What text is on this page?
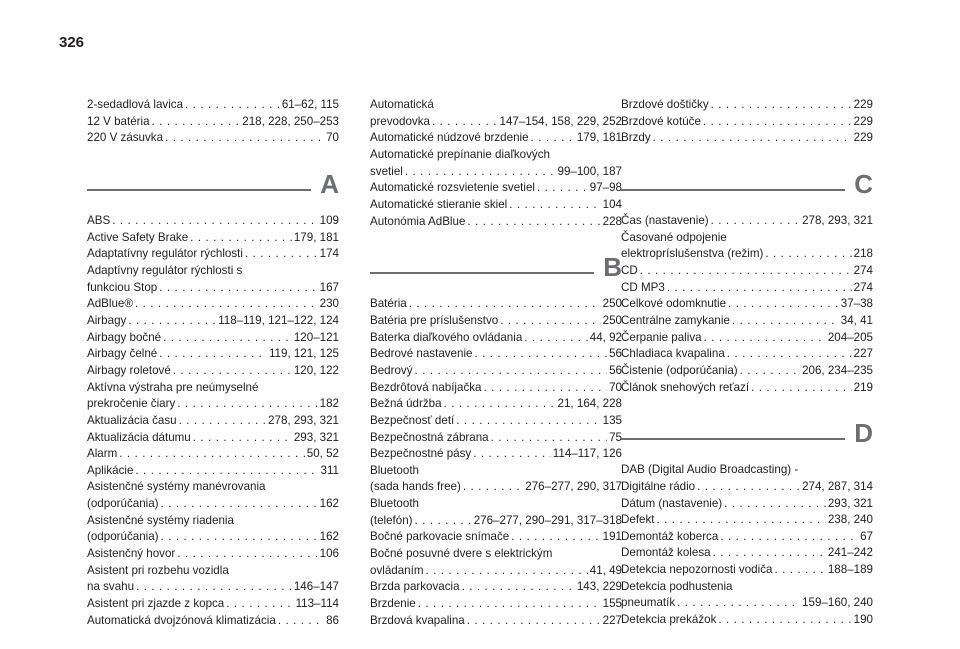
326
2-sedadlová lavica . . .	61–62, 115
12 V batéria . . .	218, 228, 250–253
220 V zásuvka . . .	70
A
ABS . . .	109
Active Safety Brake . . .	179, 181
Adaptatívny regulátor rýchlosti . . .	174
Adaptívny regulátor rýchlosti s
funkciou Stop . . .	167
AdBlue® . . .	230
Airbagy . . .	118–119, 121–122, 124
Airbagy bočné . . .	120–121
Airbagy čelné . . .	119, 121, 125
Airbagy roletové . . .	120, 122
Aktívna výstraha pre neúmyselné
prekročenie čiary . . .	182
Aktualizácia času . . .	278, 293, 321
Aktualizácia dátumu . . .	293, 321
Alarm . . .	50, 52
Aplikácie . . .	311
Asistenčné systémy manévrovania
(odporúčania) . . .	162
Asistenčné systémy riadenia
(odporúčania) . . .	162
Asistenčný hovor . . .	106
Asistent pri rozbehu vozidla
na svahu . . .	146–147
Asistent pri zjazde z kopca . . .	113–114
Automatická dvojzónová klimatizácia . . .	86
Automatická
prevodovka . . .	147–154, 158, 229, 252
Automatické núdzové brzdenie . . .	179, 181
Automatické prepínanie diaľkových
svetiel . . .	99–100, 187
Automatické rozsvietenie svetiel . . .	97–98
Automatické stieranie skiel . . .	104
Autonómia AdBlue . . .	228
B
Batéria . . .	250
Batéria pre príslušenstvo . . .	250
Baterka diaľkového ovládania . . .	44, 92
Bedrové nastavenie . . .	56
Bedrový . . .	56
Bezdrôtová nabíjačka . . .	70
Bežná údržba . . .	21, 164, 228
Bezpečnosť detí . . .	135
Bezpečnostná zábrana . . .	75
Bezpečnostné pásy . . .	114–117, 126
Bluetooth
(sada hands free) . . .	276–277, 290, 317
Bluetooth
(telefón) . . .	276–277, 290–291, 317–318
Bočné parkovacie snímače . . .	191
Bočné posuvné dvere s elektrickým
ovládaním . . .	41, 49
Brzda parkovacia . . .	143, 229
Brzdenie . . .	155
Brzdová kvapalina . . .	227
Brzdové doštičky . . .	229
Brzdové kotúče . . .	229
Brzdy . . .	229
C
Čas (nastavenie) . . .	278, 293, 321
Časované odpojenie
elektropríslušenstva (režim) . . .	218
CD . . .	274
CD MP3 . . .	274
Celkové odomknutie . . .	37–38
Centrálne zamykanie . . .	34, 41
Čerpanie paliva . . .	204–205
Chladiaca kvapalina . . .	227
Čistenie (odporúčania) . . .	206, 234–235
Článok snehových reťazí . . .	219
D
DAB (Digital Audio Broadcasting) -
Digitálne rádio . . .	274, 287, 314
Dátum (nastavenie) . . .	293, 321
Defekt . . .	238, 240
Demontáž koberca . . .	67
Demontáž kolesa . . .	241–242
Detekcia nepozornosti vodiča . . .	188–189
Detekcia podhustenia
pneumatík . . .	159–160, 240
Detekcia prekážok . . .	190
